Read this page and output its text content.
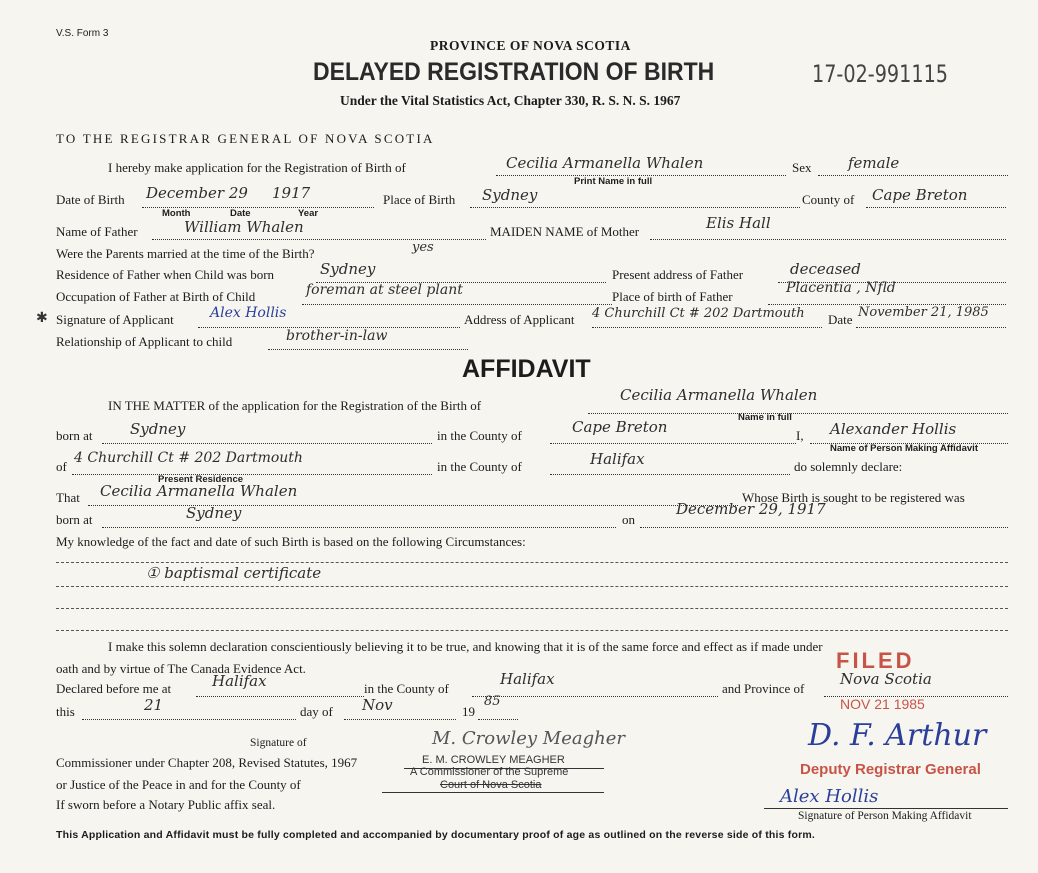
V.S. Form 3
PROVINCE OF NOVA SCOTIA
DELAYED REGISTRATION OF BIRTH	17-02-991115
Under the Vital Statistics Act, Chapter 330, R. S. N. S. 1967
TO THE REGISTRAR GENERAL OF NOVA SCOTIA
I hereby make application for the Registration of Birth of	Cecilia Armanella Whalen
Print Name in full
Sex female
Date of Birth December 29 1917
Month	Date	Year
Place of Birth Sydney	County of Cape Breton
Name of Father	William Whalen	MAIDEN NAME of Mother	Elis Hall
Were the Parents married at the time of the Birth?	yes
Residence of Father when Child was born	Sydney	Present address of Father	deceased
Occupation of Father at Birth of Child	foreman at steel plant	Place of birth of Father
Placentia , Nfld
✱ Signature of Applicant	Alex Hollis	Address of Applicant 4 Churchill Ct # 202 Dartmouth Date November 21, 1985
Relationship of Applicant to child	brother-in-law
AFFIDAVIT
IN THE MATTER of the application for the Registration of the Birth of
Cecilia Armanella Whalen
Name in full
born at	Sydney	in the County of	Cape Breton	I, Alexander Hollis
Name of Person Making Affidavit
of
4 Churchill Ct # 202 Dartmouth
Present Residence
in the County of	Halifax	do solemnly declare:
That Cecilia Armanella Whalen	Whose Birth is sought to be registered was
born at	Sydney	on
December 29, 1917
My knowledge of the fact and date of such Birth is based on the following Circumstances:
① baptismal certificate
I make this solemn declaration conscientiously believing it to be true, and knowing that it is of the same force and effect as if made under
oath and by virtue of The Canada Evidence Act.	FILED
Declared before me at	Halifax	in the County of
Halifax
and Province of
Nova Scotia
NOV 21 1985
this	21	day of Nov	19
85
D. F. Arthur
Deputy Registrar General
Signature of
Commissioner under Chapter 208, Revised Statutes, 1967
M. Crowley Meagher
E. M. CROWLEY MEAGHER
A Commissioner of the Supreme
or Justice of the Peace in and for the County of	Court of Nova Scotia
If sworn before a Notary Public affix seal.	Alex Hollis
Signature of Person Making Affidavit
This Application and Affidavit must be fully completed and accompanied by documentary proof of age as outlined on the reverse side of this form.
